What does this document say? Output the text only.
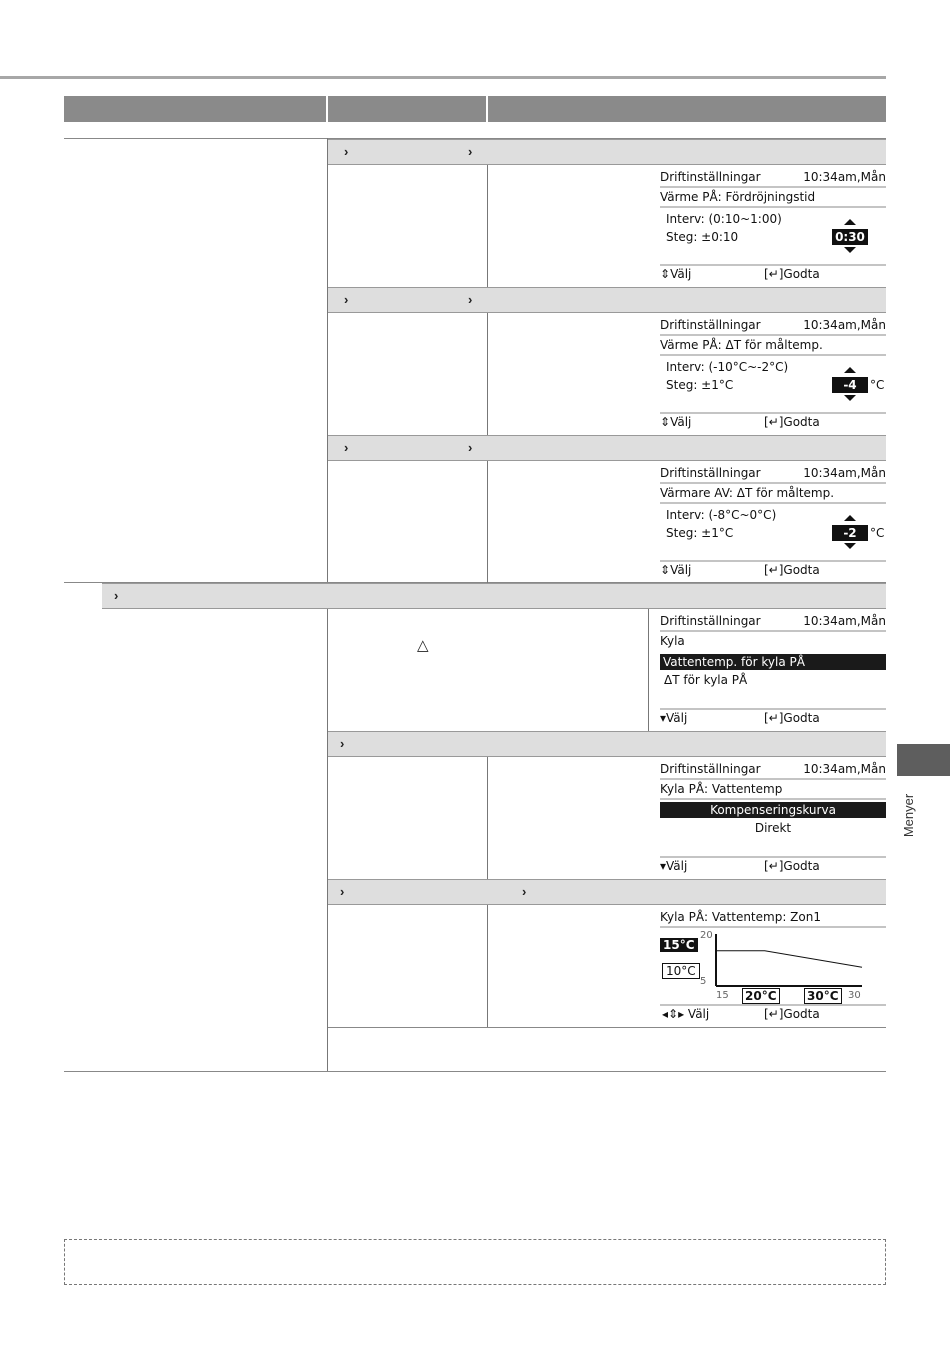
›	›
›	›
›	›
›
›
›	›
△
Driftinställningar	10:34am,Mån
Värme PÅ: Fördröjningstid
Interv: (0:10~1:00)
Steg: ±0:10	0:30
⇕Välj	[↵]Godta
Driftinställningar	10:34am,Mån
Värme PÅ: ΔT för måltemp.
Interv: (-10°C~-2°C)
Steg: ±1°C	-4	°C
⇕Välj	[↵]Godta
Driftinställningar	10:34am,Mån
Värmare AV: ΔT för måltemp.
Interv: (-8°C~0°C)
Steg: ±1°C	-2	°C
⇕Välj	[↵]Godta
Driftinställningar	10:34am,Mån
Kyla
Vattentemp. för kyla PÅ
ΔT för kyla PÅ
▾Välj	[↵]Godta
Driftinställningar	10:34am,Mån
Kyla PÅ: Vattentemp
Kompenseringskurva
Direkt
▾Välj	[↵]Godta
Kyla PÅ: Vattentemp: Zon1
15°C
10°C
20
5
15 20°C	30°C 30
◂⇕▸ Välj	[↵]Godta
Menyer
